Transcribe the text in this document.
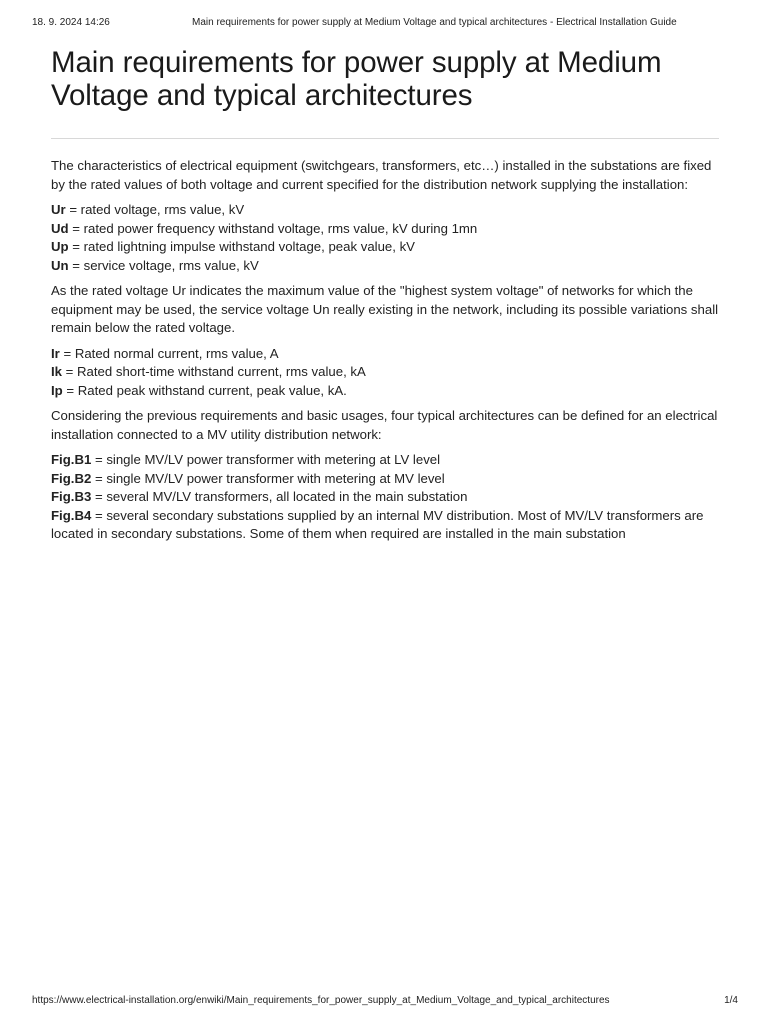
18. 9. 2024 14:26	Main requirements for power supply at Medium Voltage and typical architectures - Electrical Installation Guide
Main requirements for power supply at Medium Voltage and typical architectures

The characteristics of electrical equipment (switchgears, transformers, etc…) installed in the substations are fixed by the rated values of both voltage and current specified for the distribution network supplying the installation:

Ur = rated voltage, rms value, kV
Ud = rated power frequency withstand voltage, rms value, kV during 1mn
Up = rated lightning impulse withstand voltage, peak value, kV
Un = service voltage, rms value, kV

As the rated voltage Ur indicates the maximum value of the "highest system voltage" of networks for which the equipment may be used, the service voltage Un really existing in the network, including its possible variations shall remain below the rated voltage.

Ir = Rated normal current, rms value, A
Ik = Rated short-time withstand current, rms value, kA
Ip = Rated peak withstand current, peak value, kA.

Considering the previous requirements and basic usages, four typical architectures can be defined for an electrical installation connected to a MV utility distribution network:

Fig.B1 = single MV/LV power transformer with metering at LV level
Fig.B2 = single MV/LV power transformer with metering at MV level
Fig.B3 = several MV/LV transformers, all located in the main substation
Fig.B4 = several secondary substations supplied by an internal MV distribution. Most of MV/LV transformers are located in secondary substations. Some of them when required are installed in the main substation
https://www.electrical-installation.org/enwiki/Main_requirements_for_power_supply_at_Medium_Voltage_and_typical_architectures	1/4
